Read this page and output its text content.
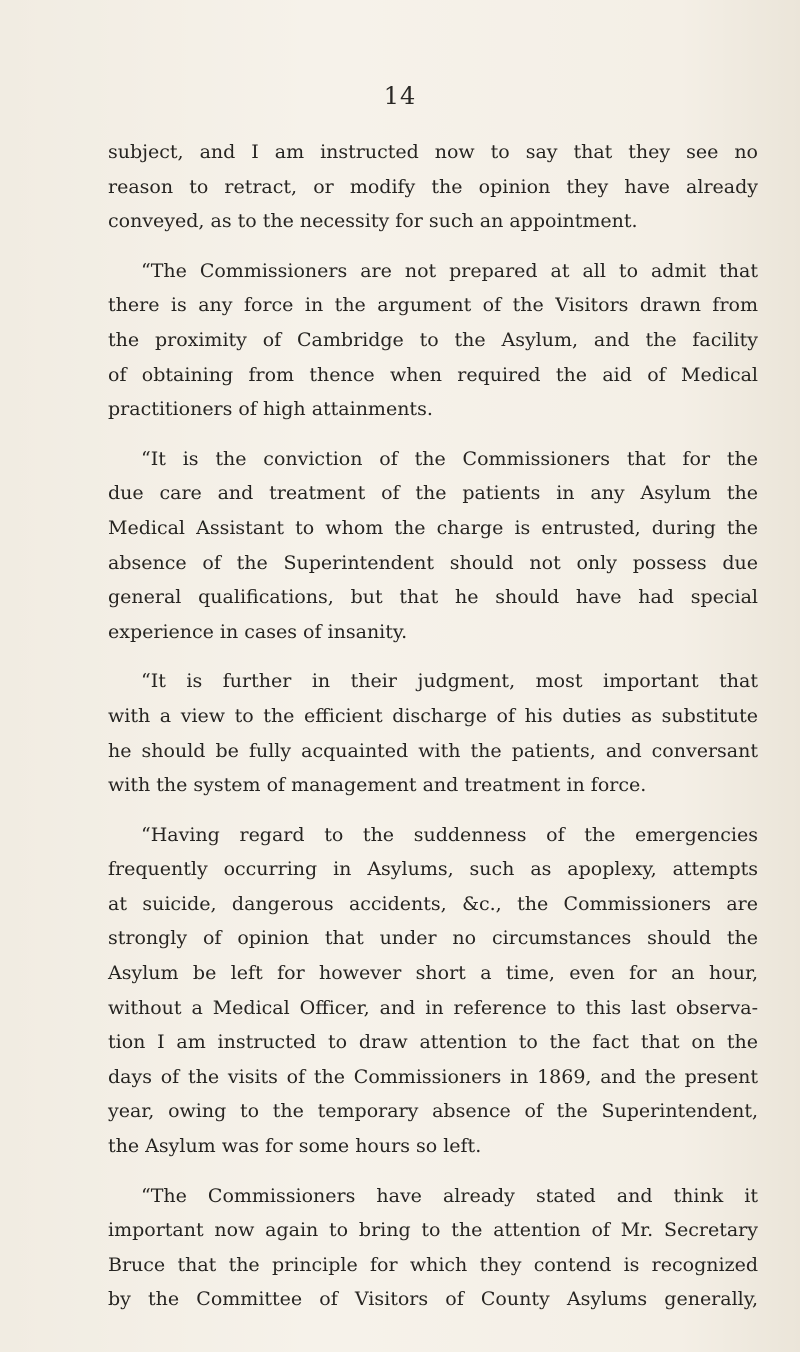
14

subject, and I am instructed now to say that they see no
reason to retract, or modify the opinion they have already
conveyed, as to the necessity for such an appointment.

“The Commissioners are not prepared at all to admit that
there is any force in the argument of the Visitors drawn from
the proximity of Cambridge to the Asylum, and the facility
of obtaining from thence when required the aid of Medical
practitioners of high attainments.

“It is the conviction of the Commissioners that for the
due care and treatment of the patients in any Asylum the
Medical Assistant to whom the charge is entrusted, during the
absence of the Superintendent should not only possess due
general qualifications, but that he should have had special
experience in cases of insanity.

“It is further in their judgment, most important that
with a view to the efficient discharge of his duties as substitute
he should be fully acquainted with the patients, and conversant
with the system of management and treatment in force.

“Having regard to the suddenness of the emergencies
frequently occurring in Asylums, such as apoplexy, attempts
at suicide, dangerous accidents, &c., the Commissioners are
strongly of opinion that under no circumstances should the
Asylum be left for however short a time, even for an hour,
without a Medical Officer, and in reference to this last observa-
tion I am instructed to draw attention to the fact that on the
days of the visits of the Commissioners in 1869, and the present
year, owing to the temporary absence of the Superintendent,
the Asylum was for some hours so left.

“The Commissioners have already stated and think it
important now again to bring to the attention of Mr. Secretary
Bruce that the principle for which they contend is recognized
by the Committee of Visitors of County Asylums generally,
